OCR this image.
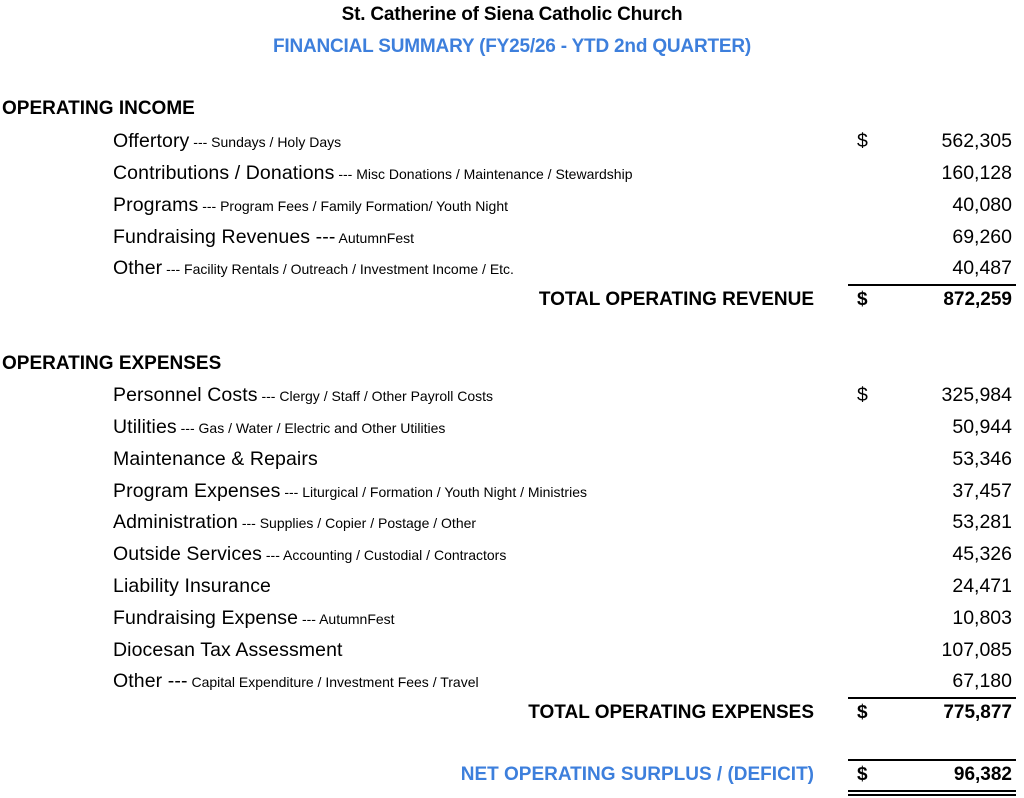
St. Catherine of Siena Catholic Church
FINANCIAL SUMMARY (FY25/26 - YTD 2nd QUARTER)
OPERATING INCOME
Offertory --- Sundays / Holy Days	$	562,305
Contributions / Donations --- Misc Donations / Maintenance / Stewardship	160,128
Programs --- Program Fees / Family Formation/ Youth Night	40,080
Fundraising Revenues --- AutumnFest	69,260
Other --- Facility Rentals / Outreach / Investment Income / Etc.	40,487
TOTAL OPERATING REVENUE $	872,259
OPERATING EXPENSES
Personnel Costs --- Clergy / Staff / Other Payroll Costs	$	325,984
Utilities --- Gas / Water / Electric and Other Utilities	50,944
Maintenance & Repairs	53,346
Program Expenses --- Liturgical / Formation / Youth Night / Ministries	37,457
Administration --- Supplies / Copier / Postage / Other	53,281
Outside Services --- Accounting / Custodial / Contractors	45,326
Liability Insurance	24,471
Fundraising Expense --- AutumnFest	10,803
Diocesan Tax Assessment	107,085
Other --- Capital Expenditure / Investment Fees / Travel	67,180
TOTAL OPERATING EXPENSES $	775,877
NET OPERATING SURPLUS / (DEFICIT) $	96,382
